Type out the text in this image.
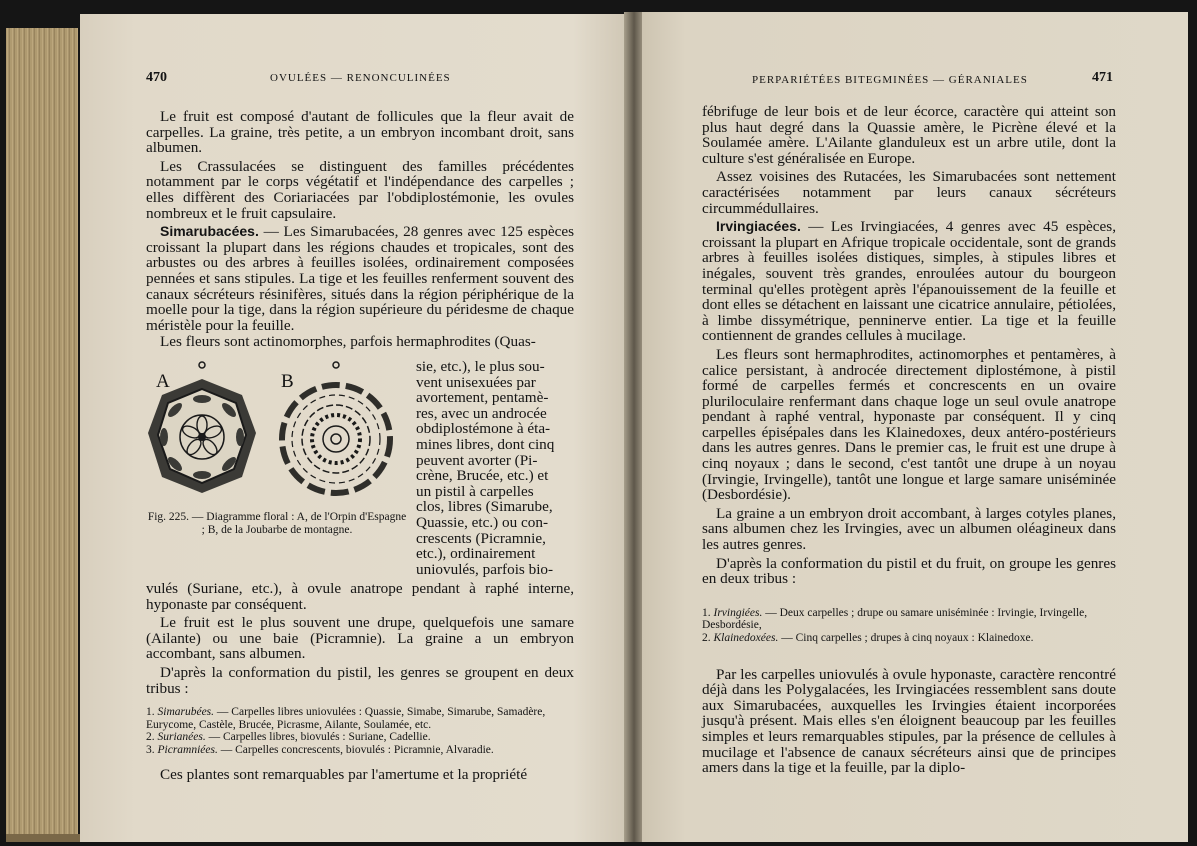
470	OVULÉES — RENONCULINÉES

Le fruit est composé d'autant de follicules que la fleur avait de carpelles. La graine, très petite, a un embryon incombant droit, sans albumen.

Les Crassulacées se distinguent des familles précédentes notamment par le corps végétatif et l'indépendance des carpelles ; elles diffèrent des Coriariacées par l'obdiplostémonie, les ovules nombreux et le fruit capsulaire.

Simarubacées. — Les Simarubacées, 28 genres avec 125 espèces croissant la plupart dans les régions chaudes et tropicales, sont des arbustes ou des arbres à feuilles isolées, ordinairement composées pennées et sans stipules. La tige et les feuilles renferment souvent des canaux sécréteurs résinifères, situés dans la région périphérique de la moelle pour la tige, dans la région supérieure du péridesme de chaque méristèle pour la feuille.

Les fleurs sont actinomorphes, parfois hermaphrodites (Quas-

A	B
Fig. 225. — Diagramme floral : A, de l'Orpin d'Espagne ; B, de la Joubarbe de montagne.

sie, etc.), le plus sou-

vent unisexuées par

avortement, pentamè-

res, avec un androcée

obdiplostémone à éta-

mines libres, dont cinq

peuvent avorter (Pi-

crène, Brucée, etc.) et

un pistil à carpelles

clos, libres (Simarube,

Quassie, etc.) ou con-

crescents (Picramnie,

etc.), ordinairement

uniovulés, parfois bio-

vulés (Suriane, etc.), à ovule anatrope pendant à raphé interne, hyponaste par conséquent.

Le fruit est le plus souvent une drupe, quelquefois une samare (Ailante) ou une baie (Picramnie). La graine a un embryon accombant, sans albumen.

D'après la conformation du pistil, les genres se groupent en deux tribus :

1. Simarubées. — Carpelles libres uniovulées : Quassie, Simabe, Simarube, Samadère, Eurycome, Castèle, Brucée, Picrasme, Ailante, Soulamée, etc.

2. Surianées. — Carpelles libres, biovulés : Suriane, Cadellie.

3. Picramniées. — Carpelles concrescents, biovulés : Picramnie, Alvaradie.

Ces plantes sont remarquables par l'amertume et la propriété

PERPARIÉTÉES BITEGMINÉES — GÉRANIALES	471

fébrifuge de leur bois et de leur écorce, caractère qui atteint son plus haut degré dans la Quassie amère, le Picrène élevé et la Soulamée amère. L'Ailante glanduleux est un arbre utile, dont la culture s'est généralisée en Europe.

Assez voisines des Rutacées, les Simarubacées sont nettement caractérisées notamment par leurs canaux sécréteurs circummédullaires.

Irvingiacées. — Les Irvingiacées, 4 genres avec 45 espèces, croissant la plupart en Afrique tropicale occidentale, sont de grands arbres à feuilles isolées distiques, simples, à stipules libres et inégales, souvent très grandes, enroulées autour du bourgeon terminal qu'elles protègent après l'épanouissement de la feuille et dont elles se détachent en laissant une cicatrice annulaire, pétiolées, à limbe dissymétrique, penninerve entier. La tige et la feuille contiennent de grandes cellules à mucilage.

Les fleurs sont hermaphrodites, actinomorphes et pentamères, à calice persistant, à androcée directement diplostémone, à pistil formé de carpelles fermés et concrescents en un ovaire pluriloculaire renfermant dans chaque loge un seul ovule anatrope pendant à raphé ventral, hyponaste par conséquent. Il y cinq carpelles épisépales dans les Klainedoxes, deux antéro-postérieurs dans les autres genres. Dans le premier cas, le fruit est une drupe à cinq noyaux ; dans le second, c'est tantôt une drupe à un noyau (Irvingie, Irvingelle), tantôt une longue et large samare uniséminée (Desbordésie).

La graine a un embryon droit accombant, à larges cotyles planes, sans albumen chez les Irvingies, avec un albumen oléagineux dans les autres genres.

D'après la conformation du pistil et du fruit, on groupe les genres en deux tribus :

1. Irvingiées. — Deux carpelles ; drupe ou samare uniséminée : Irvingie, Irvingelle, Desbordésie,

2. Klainedoxées. — Cinq carpelles ; drupes à cinq noyaux : Klainedoxe.

Par les carpelles uniovulés à ovule hyponaste, caractère rencontré déjà dans les Polygalacées, les Irvingiacées ressemblent sans doute aux Simarubacées, auxquelles les Irvingies étaient incorporées jusqu'à présent. Mais elles s'en éloignent beaucoup par les feuilles simples et leurs remarquables stipules, par la présence de cellules à mucilage et l'absence de canaux sécréteurs ainsi que de principes amers dans la tige et la feuille, par la diplo-
